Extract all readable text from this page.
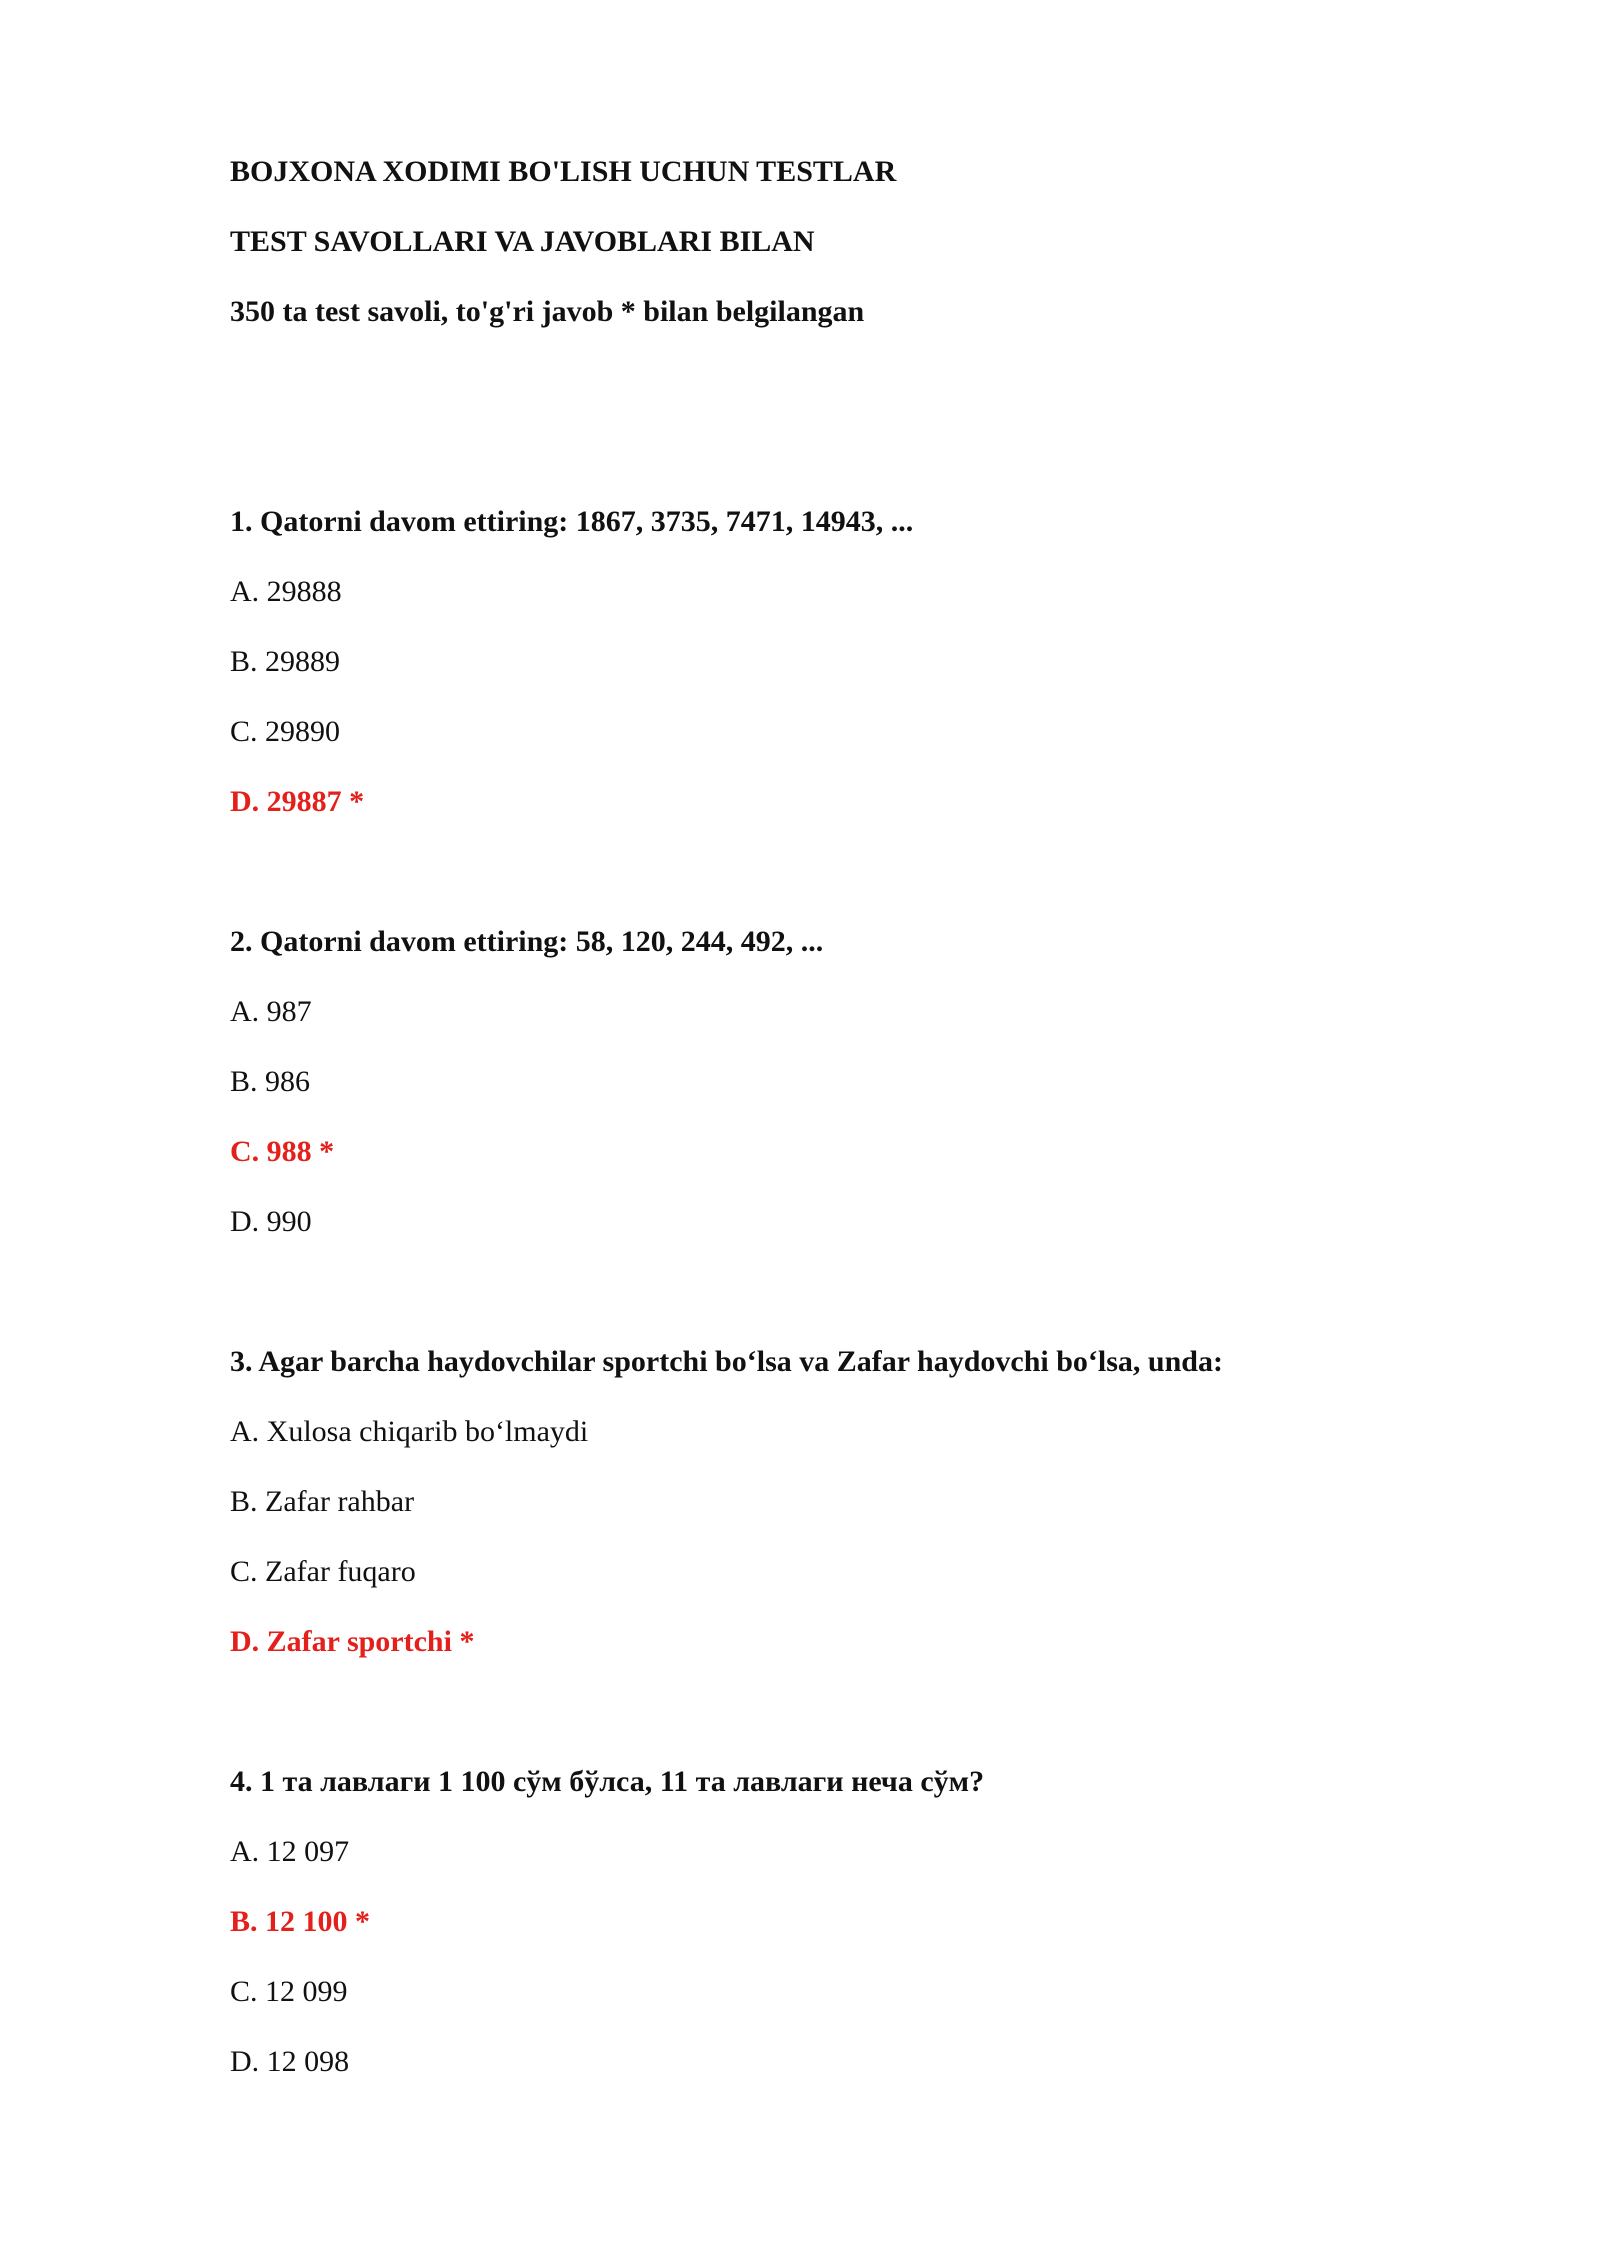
BOJXONA XODIMI BO'LISH UCHUN TESTLAR
TEST SAVOLLARI VA JAVOBLARI BILAN
350 ta test savoli, to'g'ri javob * bilan belgilangan
1. Qatorni davom ettiring: 1867, 3735, 7471, 14943, ...
A. 29888
B. 29889
C. 29890
D. 29887 *
2. Qatorni davom ettiring: 58, 120, 244, 492, ...
A. 987
B. 986
C. 988 *
D. 990
3. Agar barcha haydovchilar sportchi bo‘lsa va Zafar haydovchi bo‘lsa, unda:
A. Xulosa chiqarib bo‘lmaydi
B. Zafar rahbar
C. Zafar fuqaro
D. Zafar sportchi *
4. 1 та лавлаги 1 100 сўм бўлса, 11 та лавлаги неча сўм?
A. 12 097
B. 12 100 *
C. 12 099
D. 12 098
